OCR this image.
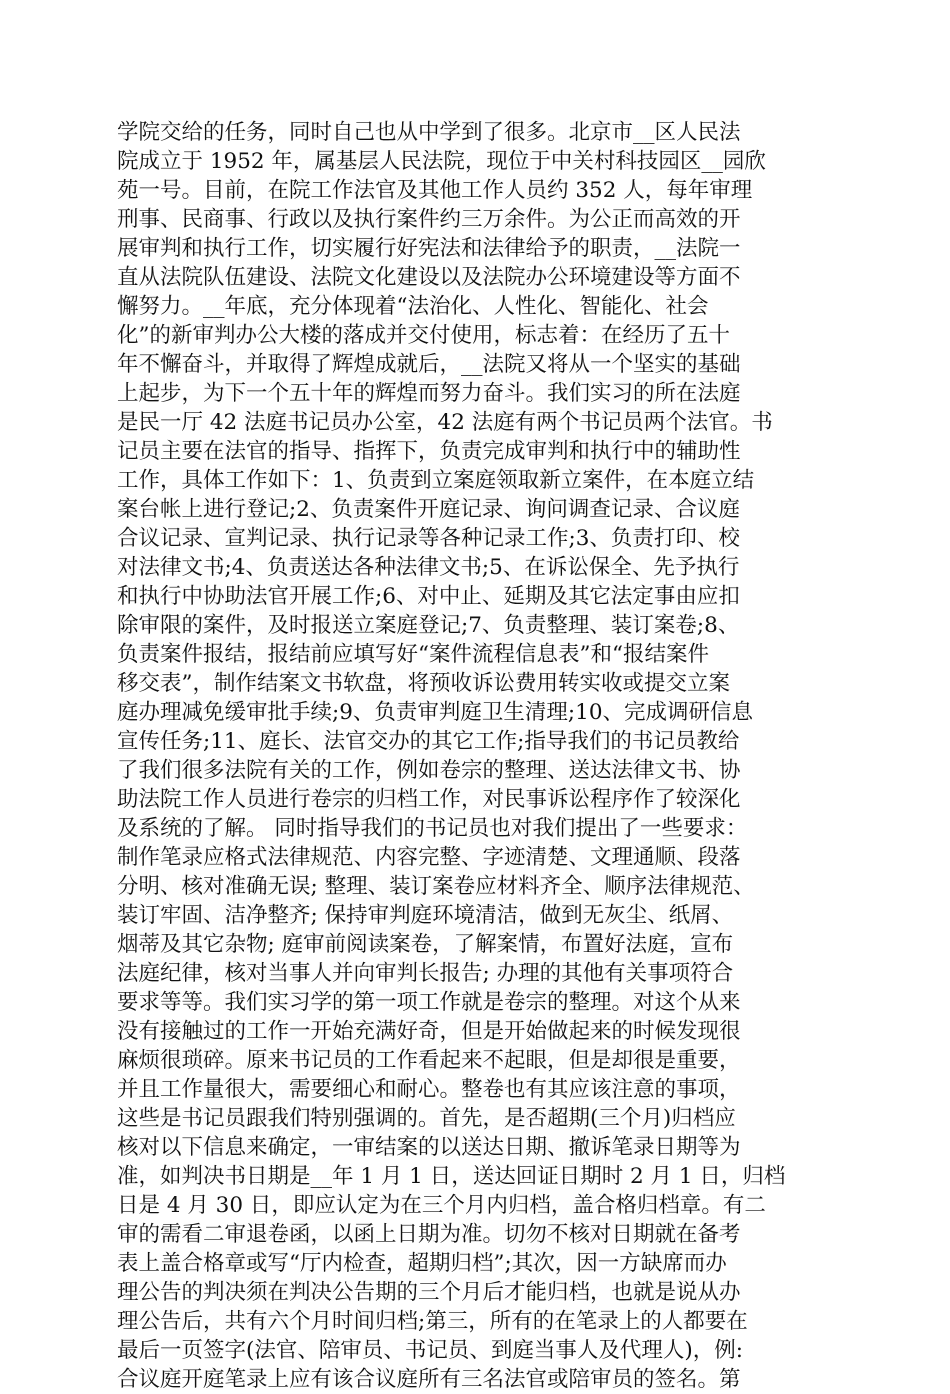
学院交给的任务，同时自己也从中学到了很多。北京市__区人民法
院成立于 1952 年，属基层人民法院，现位于中关村科技园区__园欣
苑一号。目前，在院工作法官及其他工作人员约 352 人，每年审理
刑事、民商事、行政以及执行案件约三万余件。为公正而高效的开
展审判和执行工作，切实履行好宪法和法律给予的职责，__法院一
直从法院队伍建设、法院文化建设以及法院办公环境建设等方面不
懈努力。__年底，充分体现着“法治化、人性化、智能化、社会
化”的新审判办公大楼的落成并交付使用，标志着：在经历了五十
年不懈奋斗，并取得了辉煌成就后，__法院又将从一个坚实的基础
上起步，为下一个五十年的辉煌而努力奋斗。我们实习的所在法庭
是民一厅 42 法庭书记员办公室，42 法庭有两个书记员两个法官。书
记员主要在法官的指导、指挥下，负责完成审判和执行中的辅助性
工作，具体工作如下：1、负责到立案庭领取新立案件，在本庭立结
案台帐上进行登记;2、负责案件开庭记录、询问调查记录、合议庭
合议记录、宣判记录、执行记录等各种记录工作;3、负责打印、校
对法律文书;4、负责送达各种法律文书;5、在诉讼保全、先予执行
和执行中协助法官开展工作;6、对中止、延期及其它法定事由应扣
除审限的案件，及时报送立案庭登记;7、负责整理、装订案卷;8、
负责案件报结，报结前应填写好“案件流程信息表”和“报结案件
移交表”，制作结案文书软盘，将预收诉讼费用转实收或提交立案
庭办理减免缓审批手续;9、负责审判庭卫生清理;10、完成调研信息
宣传任务;11、庭长、法官交办的其它工作;指导我们的书记员教给
了我们很多法院有关的工作，例如卷宗的整理、送达法律文书、协
助法院工作人员进行卷宗的归档工作，对民事诉讼程序作了较深化
及系统的了解。 同时指导我们的书记员也对我们提出了一些要求：
制作笔录应格式法律规范、内容完整、字迹清楚、文理通顺、段落
分明、核对准确无误; 整理、装订案卷应材料齐全、顺序法律规范、
装订牢固、洁净整齐; 保持审判庭环境清洁，做到无灰尘、纸屑、
烟蒂及其它杂物; 庭审前阅读案卷，了解案情，布置好法庭，宣布
法庭纪律，核对当事人并向审判长报告; 办理的其他有关事项符合
要求等等。我们实习学的第一项工作就是卷宗的整理。对这个从来
没有接触过的工作一开始充满好奇，但是开始做起来的时候发现很
麻烦很琐碎。原来书记员的工作看起来不起眼，但是却很是重要，
并且工作量很大，需要细心和耐心。整卷也有其应该注意的事项，
这些是书记员跟我们特别强调的。首先，是否超期(三个月)归档应
核对以下信息来确定，一审结案的以送达日期、撤诉笔录日期等为
准，如判决书日期是__年 1 月 1 日，送达回证日期时 2 月 1 日，归档
日是 4 月 30 日，即应认定为在三个月内归档，盖合格归档章。有二
审的需看二审退卷函，以函上日期为准。切勿不核对日期就在备考
表上盖合格章或写“厅内检查，超期归档”;其次，因一方缺席而办
理公告的判决须在判决公告期的三个月后才能归档，也就是说从办
理公告后，共有六个月时间归档;第三，所有的在笔录上的人都要在
最后一页签字(法官、陪审员、书记员、到庭当事人及代理人)，例:
合议庭开庭笔录上应有该合议庭所有三名法官或陪审员的签名。第
